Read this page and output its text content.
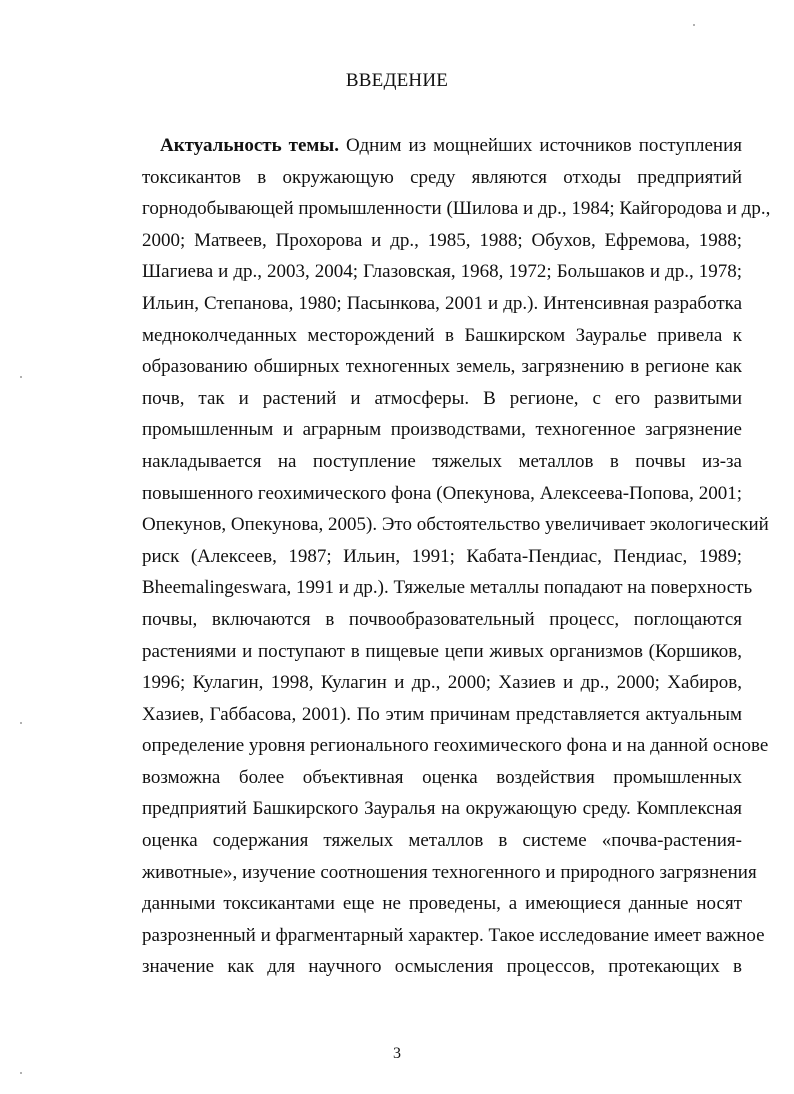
ВВЕДЕНИЕ
Актуальность темы. Одним из мощнейших источников поступления
токсикантов в окружающую среду являются отходы предприятий
горнодобывающей промышленности (Шилова и др., 1984; Кайгородова и др.,
2000; Матвеев, Прохорова и др., 1985, 1988; Обухов, Ефремова, 1988;
Шагиева и др., 2003, 2004; Глазовская, 1968, 1972; Большаков и др., 1978;
Ильин, Степанова, 1980; Пасынкова, 2001 и др.). Интенсивная разработка
медноколчеданных месторождений в Башкирском Зауралье привела к
образованию обширных техногенных земель, загрязнению в регионе как
почв, так и растений и атмосферы. В регионе, с его развитыми
промышленным и аграрным производствами, техногенное загрязнение
накладывается на поступление тяжелых металлов в почвы из-за
повышенного геохимического фона (Опекунова, Алексеева-Попова, 2001;
Опекунов, Опекунова, 2005). Это обстоятельство увеличивает экологический
риск (Алексеев, 1987; Ильин, 1991; Кабата-Пендиас, Пендиас, 1989;
Bheemalingeswara, 1991 и др.). Тяжелые металлы попадают на поверхность
почвы, включаются в почвообразовательный процесс, поглощаются
растениями и поступают в пищевые цепи живых организмов (Коршиков,
1996; Кулагин, 1998, Кулагин и др., 2000; Хазиев и др., 2000; Хабиров,
Хазиев, Габбасова, 2001). По этим причинам представляется актуальным
определение уровня регионального геохимического фона и на данной основе
возможна более объективная оценка воздействия промышленных
предприятий Башкирского Зауралья на окружающую среду. Комплексная
оценка содержания тяжелых металлов в системе «почва-растения-
животные», изучение соотношения техногенного и природного загрязнения
данными токсикантами еще не проведены, а имеющиеся данные носят
разрозненный и фрагментарный характер. Такое исследование имеет важное
значение как для научного осмысления процессов, протекающих в
3
